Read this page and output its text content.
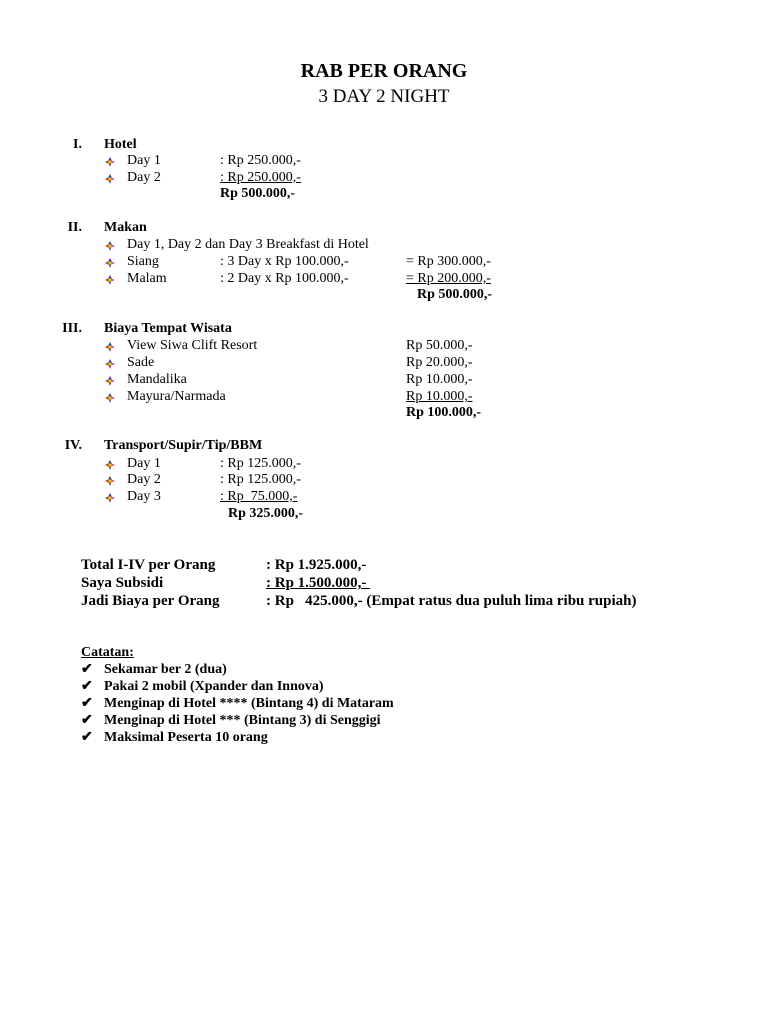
RAB PER ORANG
3 DAY 2 NIGHT
I. Hotel
Day 1	: Rp 250.000,-
Day 2	: Rp 250.000,-
Rp 500.000,-
II. Makan
Day 1, Day 2 dan Day 3 Breakfast di Hotel
Siang	: 3 Day x Rp 100.000,-	= Rp 300.000,-
Malam	: 2 Day x Rp 100.000,-	= Rp 200.000,-
Rp 500.000,-
III. Biaya Tempat Wisata
View Siwa Clift Resort	Rp 50.000,-
Sade	Rp 20.000,-
Mandalika	Rp 10.000,-
Mayura/Narmada	Rp 10.000,-
Rp 100.000,-
IV. Transport/Supir/Tip/BBM
Day 1	: Rp 125.000,-
Day 2	: Rp 125.000,-
Day 3	: Rp  75.000,-
Rp 325.000,-
Total I-IV per Orang	: Rp 1.925.000,-
Saya Subsidi	: Rp 1.500.000,-
Jadi Biaya per Orang	: Rp   425.000,- (Empat ratus dua puluh lima ribu rupiah)
Catatan:
✔ Sekamar ber 2 (dua)
✔ Pakai 2 mobil (Xpander dan Innova)
✔ Menginap di Hotel **** (Bintang 4) di Mataram
✔ Menginap di Hotel *** (Bintang 3) di Senggigi
✔ Maksimal Peserta 10 orang
